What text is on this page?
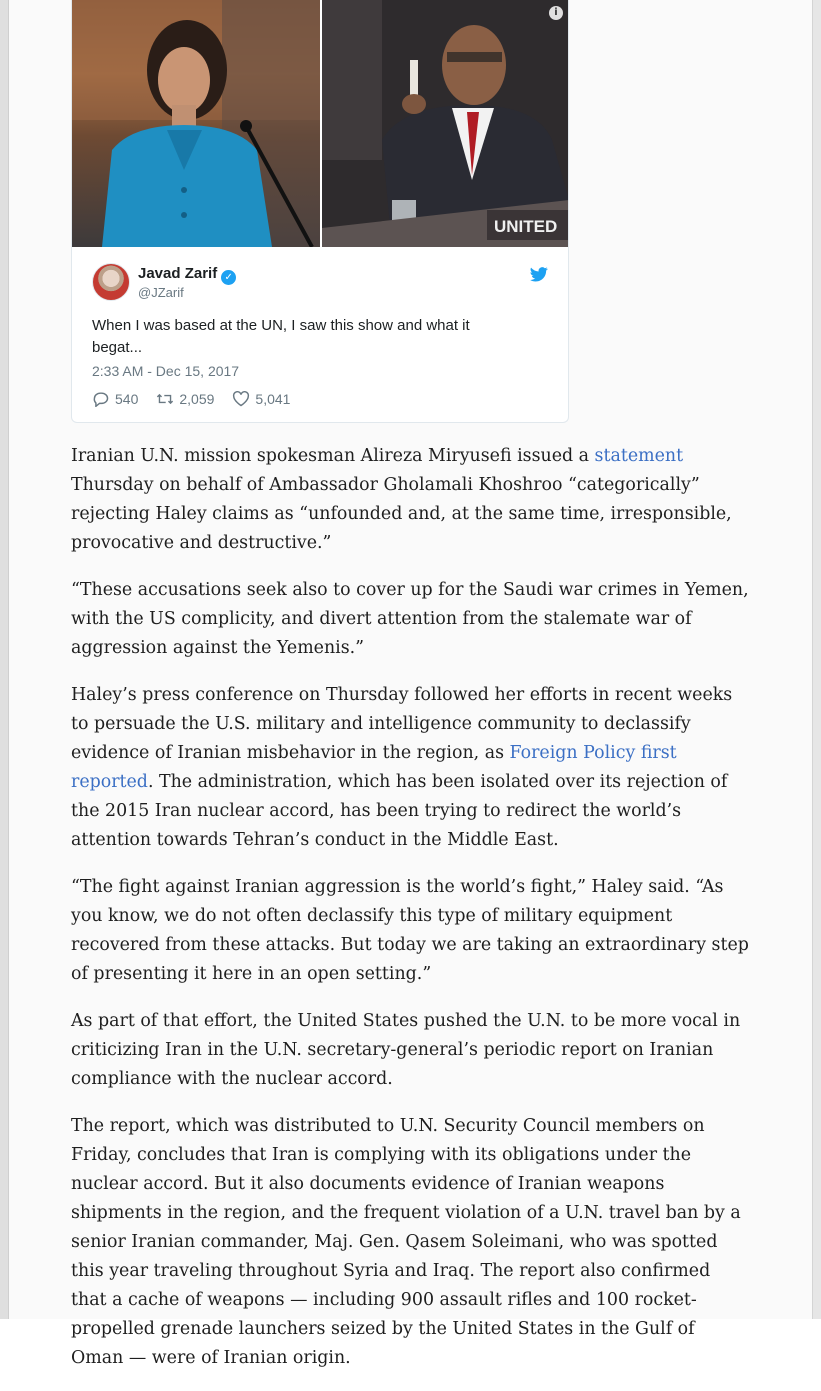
UNITED
i
Javad Zarif ✓
@JZarif
When I was based at the UN, I saw this show and what it begat...
2:33 AM - Dec 15, 2017
540	2,059	5,041

Iranian U.N. mission spokesman Alireza Miryusefi issued a statement Thursday on behalf of Ambassador Gholamali Khoshroo “categorically” rejecting Haley claims as “unfounded and, at the same time, irresponsible, provocative and destructive.”

“These accusations seek also to cover up for the Saudi war crimes in Yemen, with the US complicity, and divert attention from the stalemate war of aggression against the Yemenis.”

Haley’s press conference on Thursday followed her efforts in recent weeks to persuade the U.S. military and intelligence community to declassify evidence of Iranian misbehavior in the region, as Foreign Policy first reported. The administration, which has been isolated over its rejection of the 2015 Iran nuclear accord, has been trying to redirect the world’s attention towards Tehran’s conduct in the Middle East.

“The fight against Iranian aggression is the world’s fight,” Haley said. “As you know, we do not often declassify this type of military equipment recovered from these attacks. But today we are taking an extraordinary step of presenting it here in an open setting.”

As part of that effort, the United States pushed the U.N. to be more vocal in criticizing Iran in the U.N. secretary-general’s periodic report on Iranian compliance with the nuclear accord.

The report, which was distributed to U.N. Security Council members on Friday, concludes that Iran is complying with its obligations under the nuclear accord. But it also documents evidence of Iranian weapons shipments in the region, and the frequent violation of a U.N. travel ban by a senior Iranian commander, Maj. Gen. Qasem Soleimani, who was spotted this year traveling throughout Syria and Iraq. The report also confirmed that a cache of weapons — including 900 assault rifles and 100 rocket-propelled grenade launchers seized by the United States in the Gulf of Oman — were of Iranian origin.
